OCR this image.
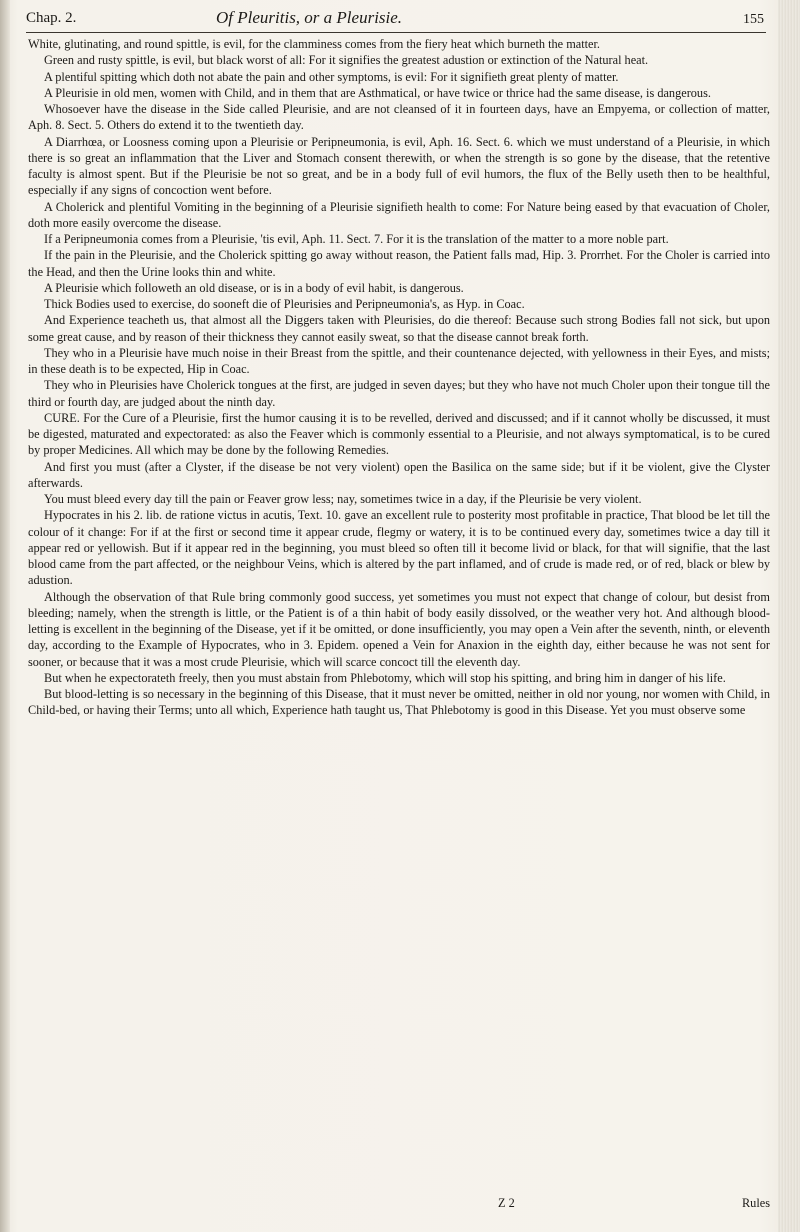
Chap. 2.	Of Pleuritis, or a Pleurisie.	155

White, glutinating, and round spittle, is evil, for the clamminess comes from the fiery heat which burneth the matter.

Green and rusty spittle, is evil, but black worst of all: For it signifies the greatest adustion or extinction of the Natural heat.

A plentiful spitting which doth not abate the pain and other symptoms, is evil: For it signifieth great plenty of matter.

A Pleurisie in old men, women with Child, and in them that are Asthmatical, or have twice or thrice had the same disease, is dangerous.

Whosoever have the disease in the Side called Pleurisie, and are not cleansed of it in fourteen days, have an Empyema, or collection of matter, Aph. 8. Sect. 5. Others do extend it to the twentieth day.

A Diarrhœa, or Loosness coming upon a Pleurisie or Peripneumonia, is evil, Aph. 16. Sect. 6. which we must understand of a Pleurisie, in which there is so great an inflammation that the Liver and Stomach consent therewith, or when the strength is so gone by the disease, that the retentive faculty is almost spent. But if the Pleurisie be not so great, and be in a body full of evil humors, the flux of the Belly useth then to be healthful, especially if any signs of concoction went before.

A Cholerick and plentiful Vomiting in the beginning of a Pleurisie signifieth health to come: For Nature being eased by that evacuation of Choler, doth more easily overcome the disease.

If a Peripneumonia comes from a Pleurisie, 'tis evil, Aph. 11. Sect. 7. For it is the translation of the matter to a more noble part.

If the pain in the Pleurisie, and the Cholerick spitting go away without reason, the Patient falls mad, Hip. 3. Prorrhet. For the Choler is carried into the Head, and then the Urine looks thin and white.

A Pleurisie which followeth an old disease, or is in a body of evil habit, is dangerous.

Thick Bodies used to exercise, do sooneft die of Pleurisies and Peripneumonia's, as Hyp. in Coac.

And Experience teacheth us, that almost all the Diggers taken with Pleurisies, do die thereof: Because such strong Bodies fall not sick, but upon some great cause, and by reason of their thickness they cannot easily sweat, so that the disease cannot break forth.

They who in a Pleurisie have much noise in their Breast from the spittle, and their countenance dejected, with yellowness in their Eyes, and mists; in these death is to be expected, Hip in Coac.

They who in Pleurisies have Cholerick tongues at the first, are judged in seven dayes; but they who have not much Choler upon their tongue till the third or fourth day, are judged about the ninth day.

CURE. For the Cure of a Pleurisie, first the humor causing it is to be revelled, derived and discussed; and if it cannot wholly be discussed, it must be digested, maturated and expectorated: as also the Feaver which is commonly essential to a Pleurisie, and not always symptomatical, is to be cured by proper Medicines. All which may be done by the following Remedies.

And first you must (after a Clyster, if the disease be not very violent) open the Basilica on the same side; but if it be violent, give the Clyster afterwards.

You must bleed every day till the pain or Feaver grow less; nay, sometimes twice in a day, if the Pleurisie be very violent.

Hypocrates in his 2. lib. de ratione victus in acutis, Text. 10. gave an excellent rule to posterity most profitable in practice, That blood be let till the colour of it change: For if at the first or second time it appear crude, flegmy or watery, it is to be continued every day, sometimes twice a day till it appear red or yellowish. But if it appear red in the beginning, you must bleed so often till it become livid or black, for that will signifie, that the last blood came from the part affected, or the neighbour Veins, which is altered by the part inflamed, and of crude is made red, or of red, black or blew by adustion.

Although the observation of that Rule bring commonly good success, yet sometimes you must not expect that change of colour, but desist from bleeding; namely, when the strength is little, or the Patient is of a thin habit of body easily dissolved, or the weather very hot. And although blood-letting is excellent in the beginning of the Disease, yet if it be omitted, or done insufficiently, you may open a Vein after the seventh, ninth, or eleventh day, according to the Example of Hypocrates, who in 3. Epidem. opened a Vein for Anaxion in the eighth day, either because he was not sent for sooner, or because that it was a most crude Pleurisie, which will scarce concoct till the eleventh day.

But when he expectorateth freely, then you must abstain from Phlebotomy, which will stop his spitting, and bring him in danger of his life.

But blood-letting is so necessary in the beginning of this Disease, that it must never be omitted, neither in old nor young, nor women with Child, in Child-bed, or having their Terms; unto all which, Experience hath taught us, That Phlebotomy is good in this Disease. Yet you must observe some

Z 2	Rules
